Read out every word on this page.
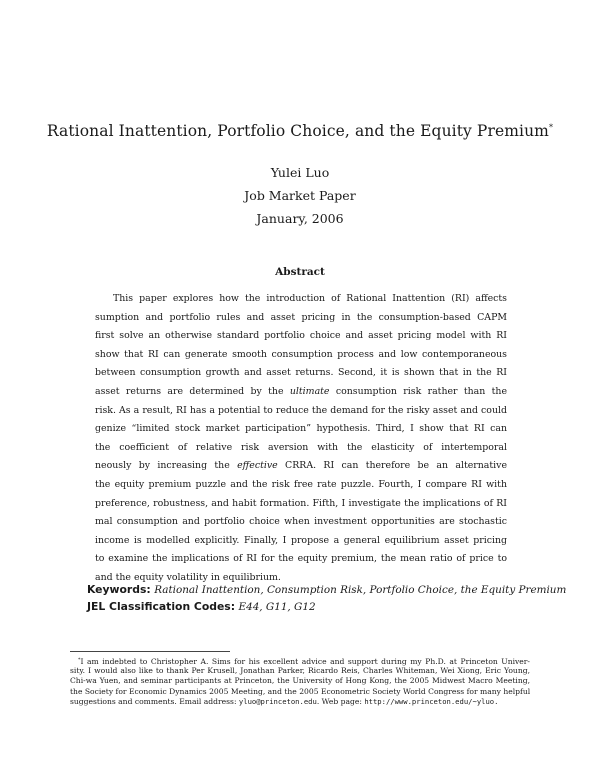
Rational Inattention, Portfolio Choice, and the Equity Premium*
Yulei Luo
Job Market Paper
January, 2006
Abstract
This paper explores how the introduction of Rational Inattention (RI) affects
sumption and portfolio rules and asset pricing in the consumption-based CAPM
first solve an otherwise standard portfolio choice and asset pricing model with RI
show that RI can generate smooth consumption process and low contemporaneous
between consumption growth and asset returns. Second, it is shown that in the RI
asset returns are determined by the ultimate consumption risk rather than the
risk. As a result, RI has a potential to reduce the demand for the risky asset and could
genize “limited stock market participation” hypothesis. Third, I show that RI can
the coefficient of relative risk aversion with the elasticity of intertemporal
neously by increasing the effective CRRA. RI can therefore be an alternative
the equity premium puzzle and the risk free rate puzzle. Fourth, I compare RI with
preference, robustness, and habit formation. Fifth, I investigate the implications of RI
mal consumption and portfolio choice when investment opportunities are stochastic
income is modelled explicitly. Finally, I propose a general equilibrium asset pricing
to examine the implications of RI for the equity premium, the mean ratio of price to
and the equity volatility in equilibrium.
Keywords: Rational Inattention, Consumption Risk, Portfolio Choice, the Equity Premium
JEL Classification Codes: E44, G11, G12
*I am indebted to Christopher A. Sims for his excellent advice and support during my Ph.D. at Princeton Univer-
sity. I would also like to thank Per Krusell, Jonathan Parker, Ricardo Reis, Charles Whiteman, Wei Xiong, Eric Young,
Chi-wa Yuen, and seminar participants at Princeton, the University of Hong Kong, the 2005 Midwest Macro Meeting,
the Society for Economic Dynamics 2005 Meeting, and the 2005 Econometric Society World Congress for many helpful
suggestions and comments. Email address: yluo@princeton.edu. Web page: http://www.princeton.edu/~yluo.
